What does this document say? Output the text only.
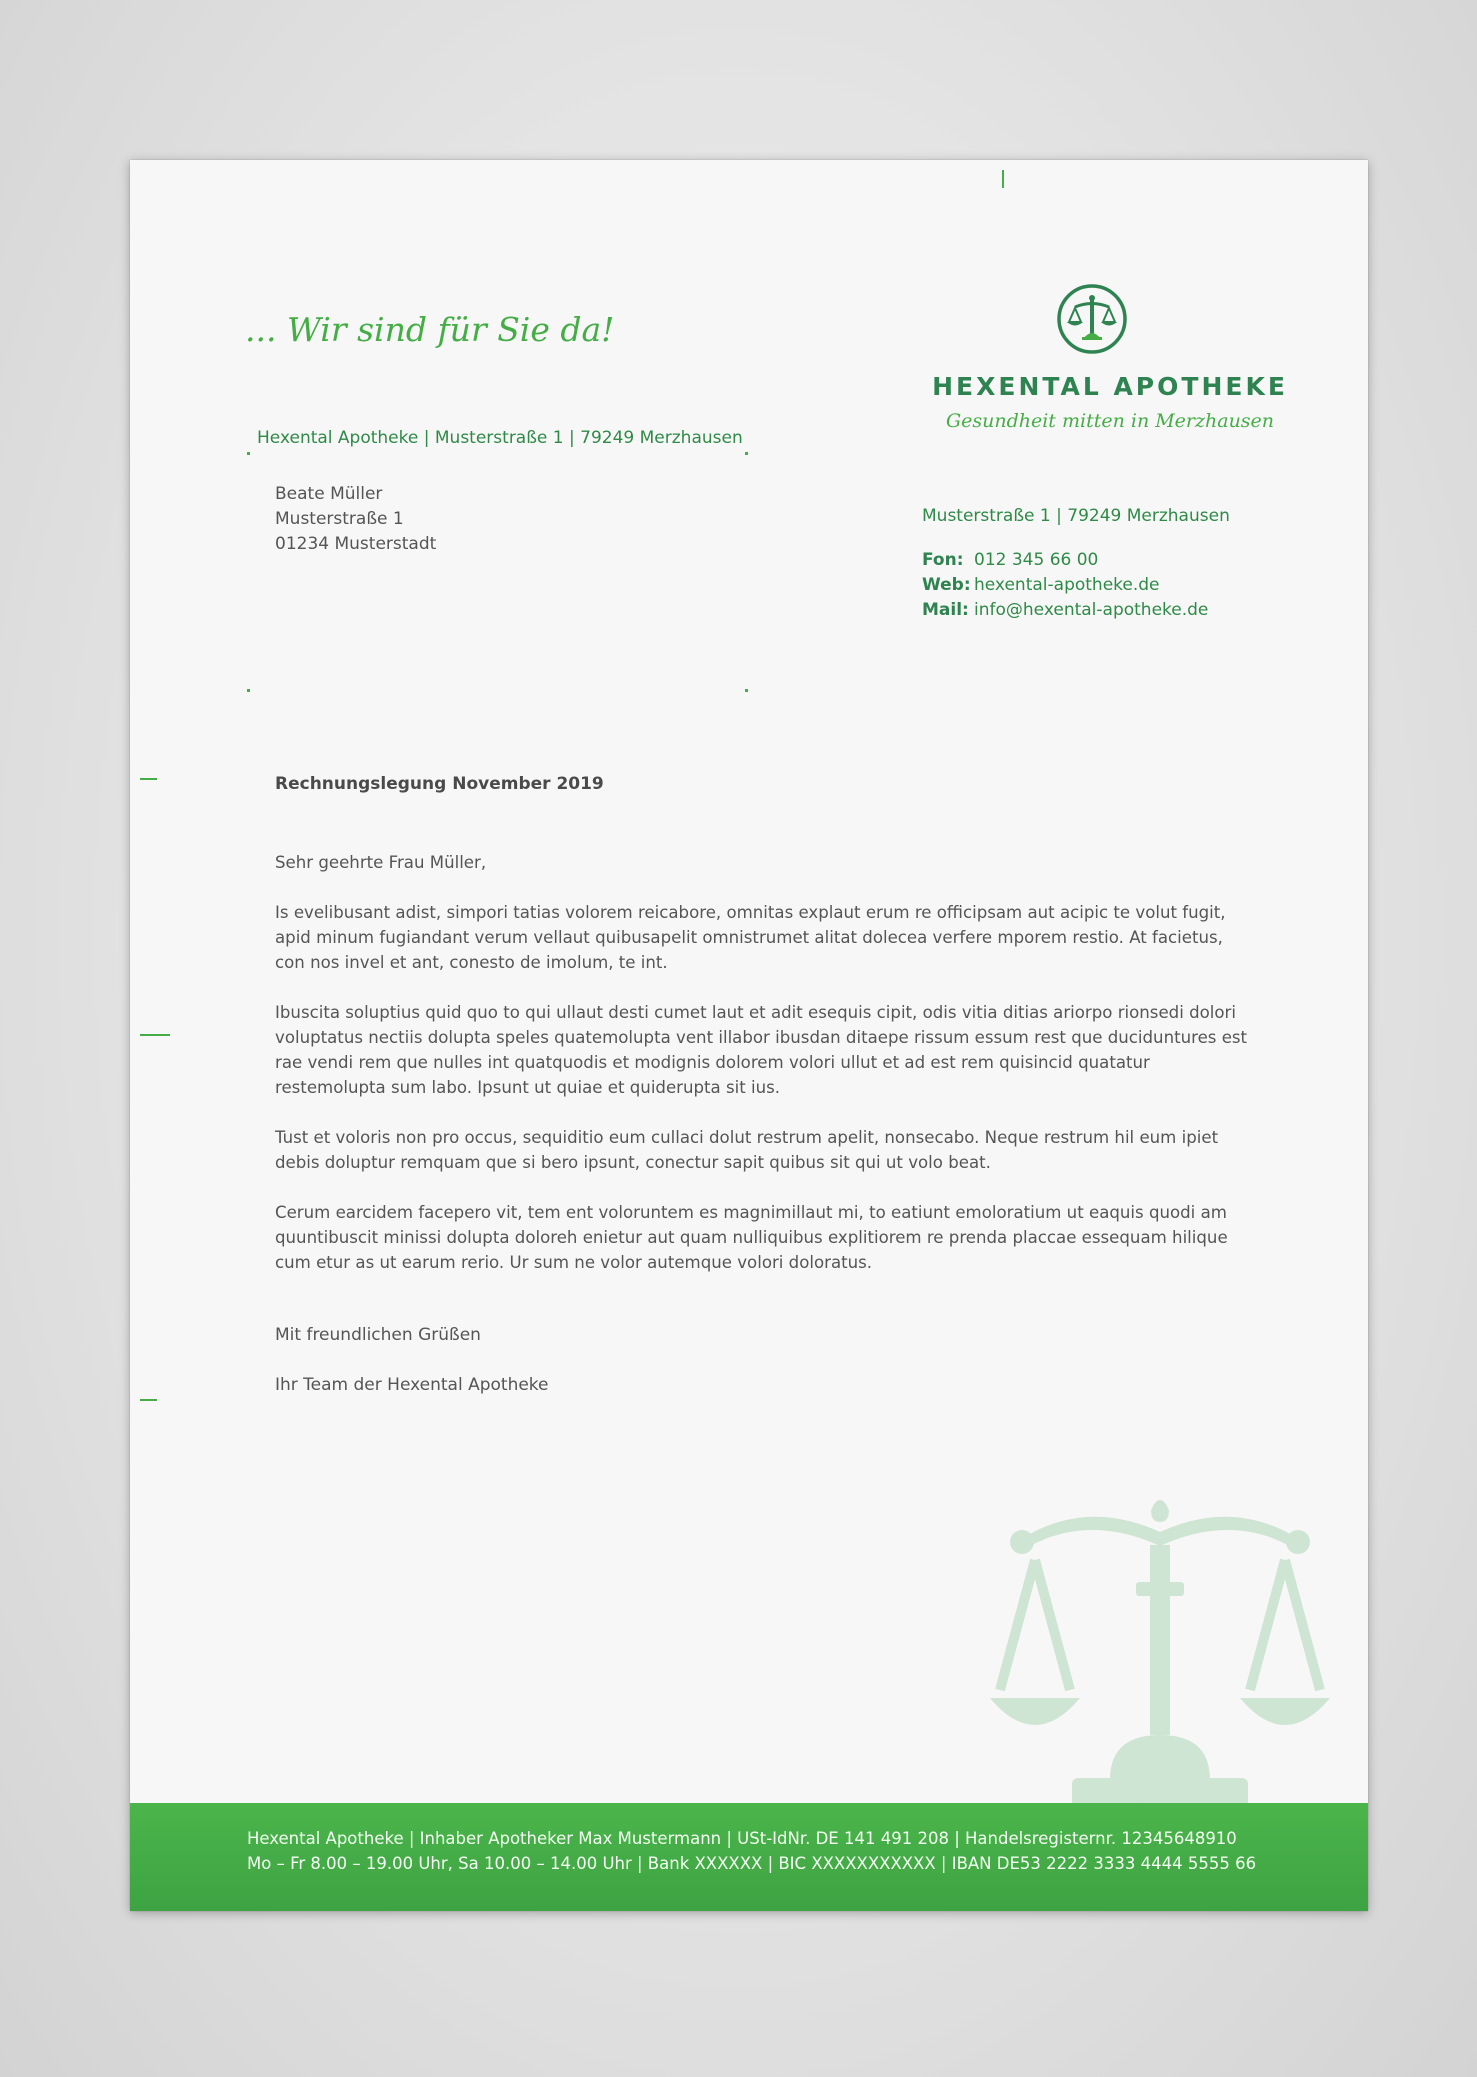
... Wir sind für Sie da!
HEXENTAL APOTHEKE
Gesundheit mitten in Merzhausen
Hexental Apotheke | Musterstraße 1 | 79249 Merzhausen
Beate Müller
Musterstraße 1
01234 Musterstadt
Musterstraße 1 | 79249 Merzhausen
Fon: 012 345 66 00
Web: hexental-apotheke.de
Mail: info@hexental-apotheke.de
Rechnungslegung November 2019

Sehr geehrte Frau Müller,

Is evelibusant adist, simpori tatias volorem reicabore, omnitas explaut erum re officipsam aut acipic te volut fugit, apid minum fugiandant verum vellaut quibusapelit omnistrumet alitat dolecea verfere mporem restio. At facietus, con nos invel et ant, conesto de imolum, te int.

Ibuscita soluptius quid quo to qui ullaut desti cumet laut et adit esequis cipit, odis vitia ditias ariorpo rionsedi dolori voluptatus nectiis dolupta speles quatemolupta vent illabor ibusdan ditaepe rissum essum rest que duciduntures est rae vendi rem que nulles int quatquodis et modignis dolorem volori ullut et ad est rem quisincid quatatur restemolupta sum labo. Ipsunt ut quiae et quiderupta sit ius.

Tust et voloris non pro occus, sequiditio eum cullaci dolut restrum apelit, nonsecabo. Neque restrum hil eum ipiet debis doluptur remquam que si bero ipsunt, conectur sapit quibus sit qui ut volo beat.

Cerum earcidem facepero vit, tem ent voloruntem es magnimillaut mi, to eatiunt emoloratium ut eaquis quodi am quuntibuscit minissi dolupta doloreh enietur aut quam nulliquibus explitiorem re prenda placcae essequam hilique cum etur as ut earum rerio. Ur sum ne volor autemque volori doloratus.

Mit freundlichen Grüßen
Ihr Team der Hexental Apotheke
Hexental Apotheke | Inhaber Apotheker Max Mustermann | USt-IdNr. DE 141 491 208 | Handelsregisternr. 12345648910
Mo – Fr 8.00 – 19.00 Uhr, Sa 10.00 – 14.00 Uhr | Bank XXXXXX | BIC XXXXXXXXXXX | IBAN DE53 2222 3333 4444 5555 66
